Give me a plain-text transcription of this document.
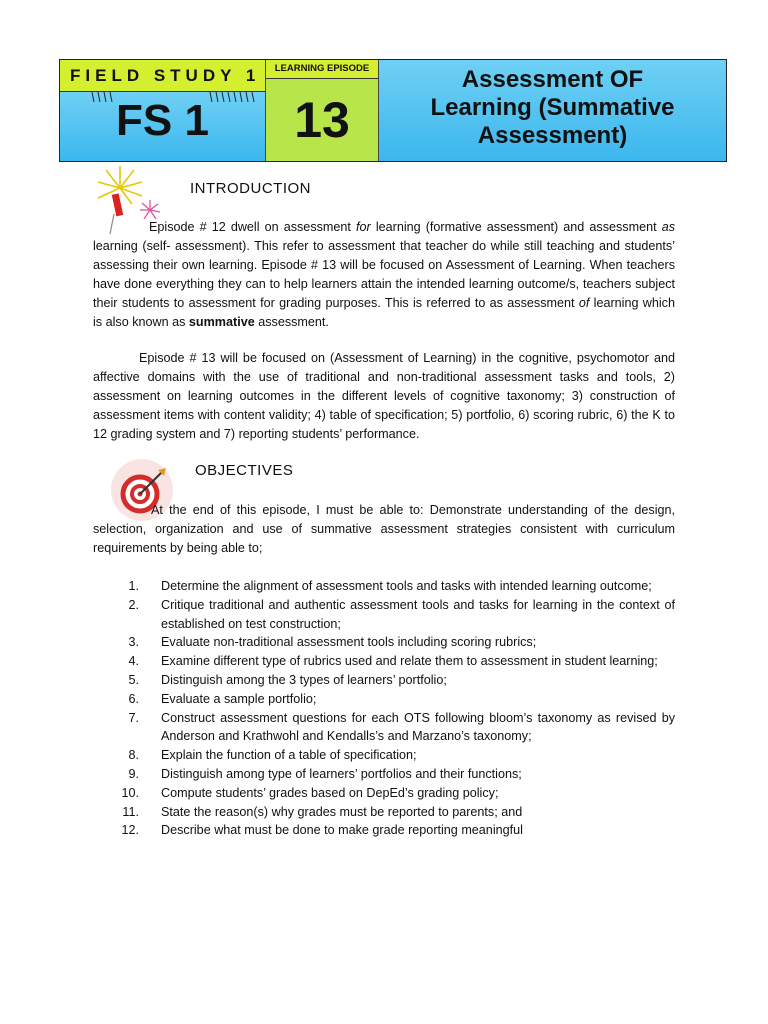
FIELD STUDY 1
FS 1
LEARNING EPISODE
13
Assessment OF
Learning (Summative
Assessment)
INTRODUCTION

Episode # 12 dwell on assessment for learning (formative assessment) and assessment as learning (self- assessment). This refer to assessment that teacher do while still teaching and students’ assessing their own learning. Episode # 13 will be focused on Assessment of Learning. When teachers have done everything they can to help learners attain the intended learning outcome/s, teachers subject their students to assessment for grading purposes. This is referred to as assessment of learning which is also known as summative assessment.

Episode # 13 will be focused on (Assessment of Learning) in the cognitive, psychomotor and affective domains with the use of traditional and non-traditional assessment tasks and tools, 2) assessment on learning outcomes in the different levels of cognitive taxonomy; 3) construction of assessment items with content validity; 4) table of specification; 5) portfolio, 6) scoring rubric, 6) the K to 12 grading system and 7) reporting students’ performance.

OBJECTIVES

At the end of this episode, I must be able to: Demonstrate understanding of the design, selection, organization and use of summative assessment strategies consistent with curriculum requirements by being able to;

1. Determine the alignment of assessment tools and tasks with intended learning outcome;
2. Critique traditional and authentic assessment tools and tasks for learning in the context of established on test construction;
3. Evaluate non-traditional assessment tools including scoring rubrics;
4. Examine different type of rubrics used and relate them to assessment in student learning;
5. Distinguish among the 3 types of learners’ portfolio;
6. Evaluate a sample portfolio;
7. Construct assessment questions for each OTS following bloom’s taxonomy as revised by Anderson and Krathwohl and Kendalls’s and Marzano’s taxonomy;
8. Explain the function of a table of specification;
9. Distinguish among type of learners’ portfolios and their functions;
10. Compute students’ grades based on DepEd’s grading policy;
11. State the reason(s) why grades must be reported to parents; and
12. Describe what must be done to make grade reporting meaningful
